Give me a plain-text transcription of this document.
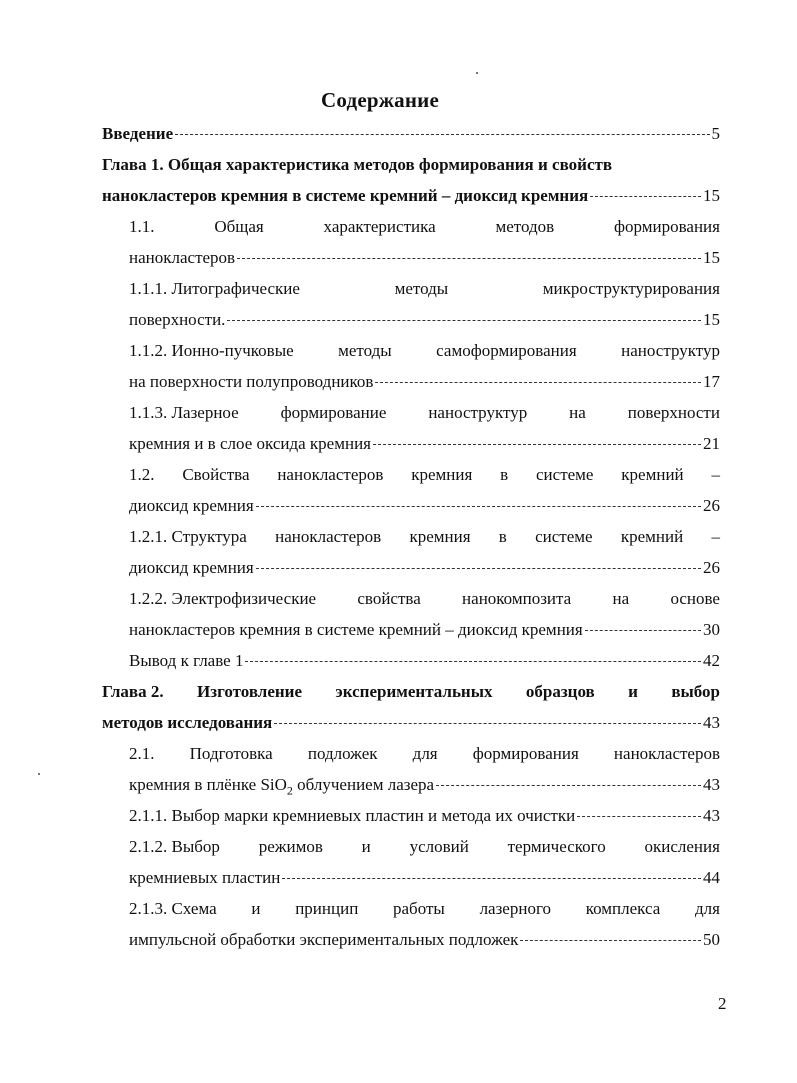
Содержание
Введение	5
Глава 1. Общая характеристика методов формирования и свойств
нанокластеров кремния в системе кремний – диоксид кремния	15
1.1.	Общая	характеристика	методов	формирования
нанокластеров	15
1.1.1. Литографические	методы	микроструктурирования
поверхности.	15
1.1.2. Ионно-пучковые	методы	самоформирования	наноструктур
на поверхности полупроводников	17
1.1.3. Лазерное формирование наноструктур на поверхности
кремния и в слое оксида кремния	21
1.2. Свойства нанокластеров кремния в системе кремний –
диоксид кремния	26
1.2.1. Структура нанокластеров кремния в системе кремний –
диоксид кремния	26
1.2.2. Электрофизические свойства нанокомпозита на основе
нанокластеров кремния в системе кремний – диоксид кремния	30
Вывод к главе 1	42
Глава 2. Изготовление экспериментальных образцов и выбор
методов исследования	43
2.1. Подготовка подложек для формирования нанокластеров
кремния в плёнке SiO$_2$ облучением лазера	43
2.1.1. Выбор марки кремниевых пластин и метода их очистки	43
2.1.2. Выбор режимов и условий термического окисления
кремниевых пластин	44
2.1.3. Схема и принцип работы лазерного комплекса для
импульсной обработки экспериментальных подложек	50
2
